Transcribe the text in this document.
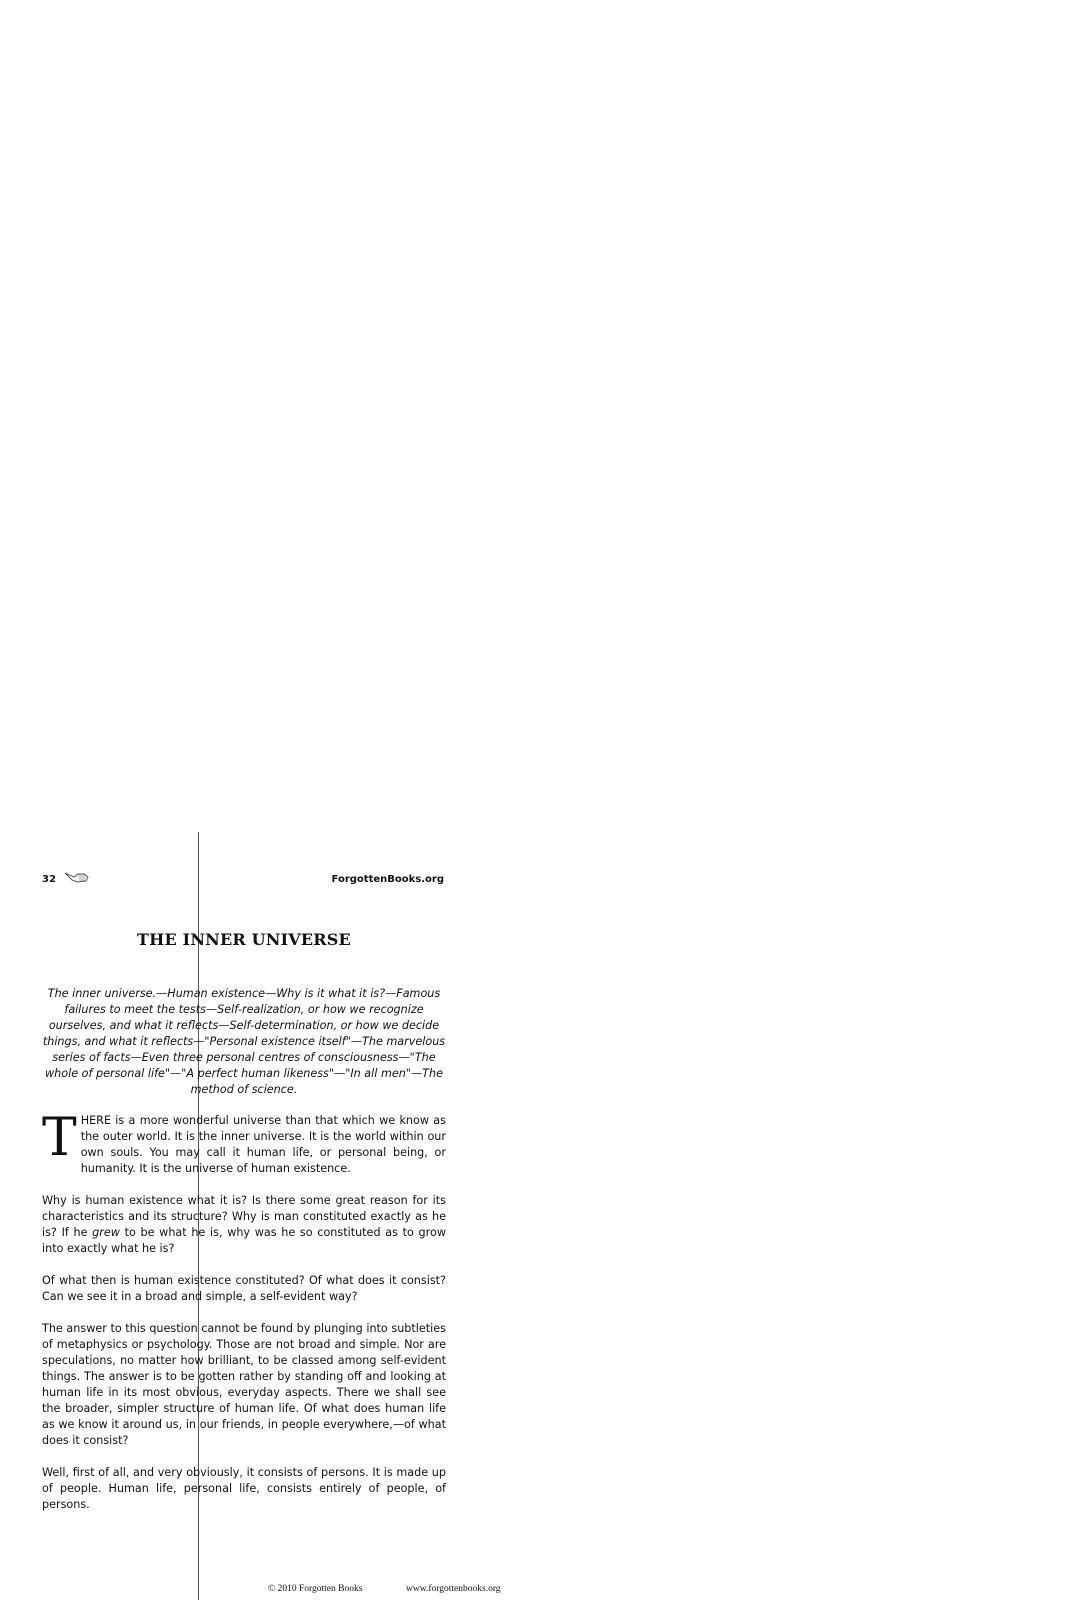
32	ForgottenBooks.org
THE INNER UNIVERSE

The inner universe.—Human existence—Why is it what it is?—Famous failures to meet the tests—Self-realization, or how we recognize ourselves, and what it reflects—Self-determination, or how we decide things, and what it reflects—"Personal existence itself"—The marvelous series of facts—Even three personal centres of consciousness—"The whole of personal life"—"A perfect human likeness"—"In all men"—The method of science.

THERE is a more wonderful universe than that which we know as the outer world. It is the inner universe. It is the world within our own souls. You may call it human life, or personal being, or humanity. It is the universe of human existence.

Why is human existence what it is? Is there some great reason for its characteristics and its structure? Why is man constituted exactly as he is? If he grew to be what he is, why was he so constituted as to grow into exactly what he is?

Of what then is human existence constituted? Of what does it consist? Can we see it in a broad and simple, a self-evident way?

The answer to this question cannot be found by plunging into subtleties of metaphysics or psychology. Those are not broad and simple. Nor are speculations, no matter how brilliant, to be classed among self-evident things. The answer is to be gotten rather by standing off and looking at human life in its most obvious, everyday aspects. There we shall see the broader, simpler structure of human life. Of what does human life as we know it around us, in our friends, in people everywhere,—of what does it consist?

Well, first of all, and very obviously, it consists of persons. It is made up of people. Human life, personal life, consists entirely of people, of persons.

© 2010 Forgotten Books	www.forgottenbooks.org
